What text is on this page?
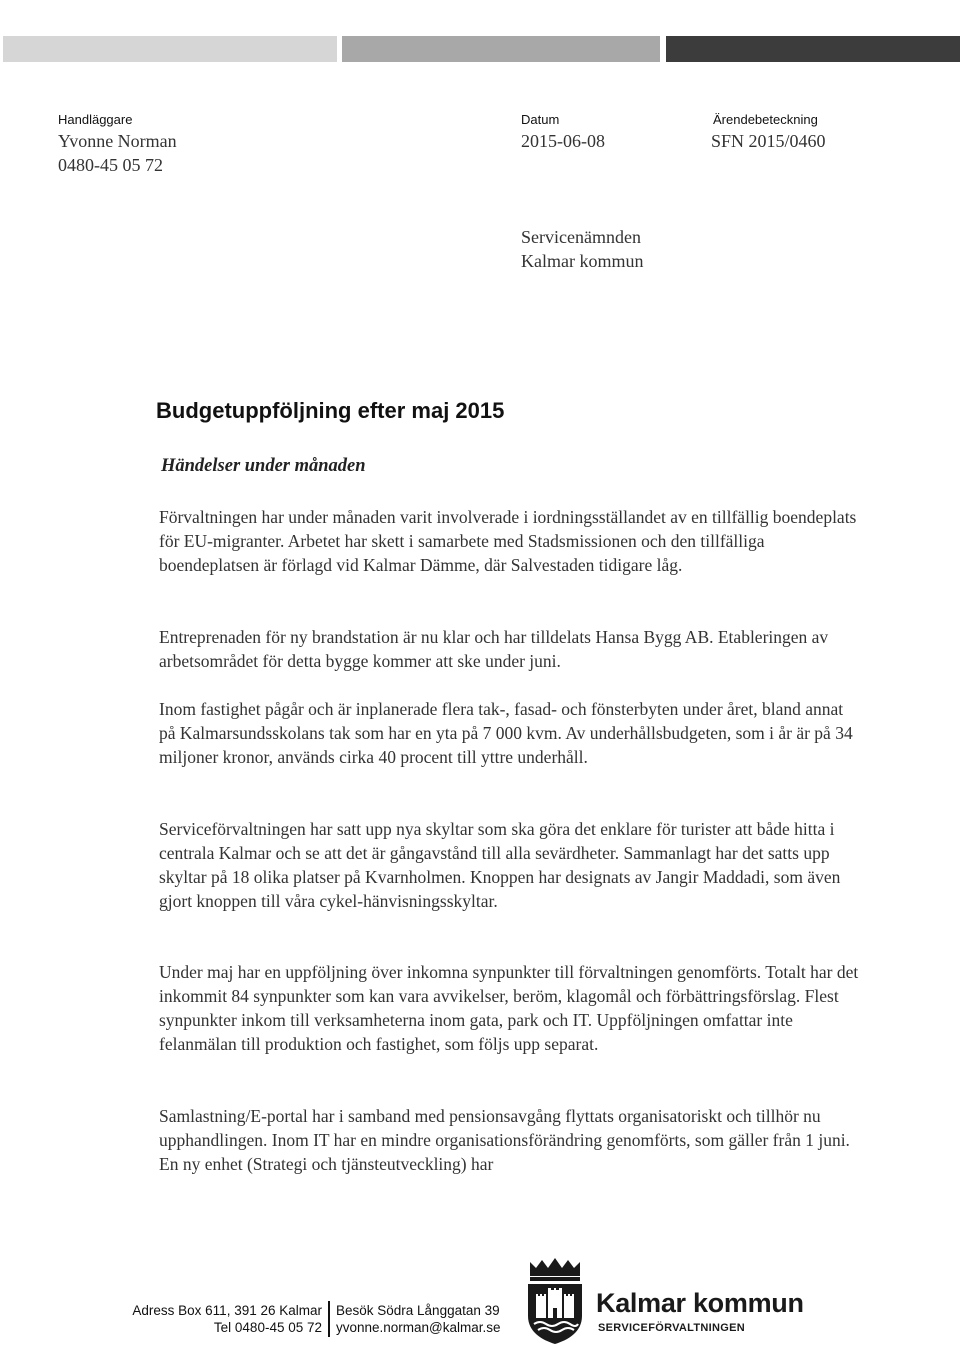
Handläggare
Yvonne Norman
0480-45 05 72
Datum
2015-06-08
Ärendebeteckning
SFN 2015/0460
Servicenämnden
Kalmar kommun
Budgetuppföljning efter maj 2015
Händelser under månaden

Förvaltningen har under månaden varit involverade i iordningsställandet av en tillfällig boendeplats för EU-migranter. Arbetet har skett i samarbete med Stadsmissionen och den tillfälliga boendeplatsen är förlagd vid Kalmar Dämme, där Salvestaden tidigare låg.

Entreprenaden för ny brandstation är nu klar och har tilldelats Hansa Bygg AB. Etableringen av arbetsområdet för detta bygge kommer att ske under juni.

Inom fastighet pågår och är inplanerade flera tak-, fasad- och fönsterbyten under året, bland annat på Kalmarsundsskolans tak som har en yta på 7 000 kvm. Av underhållsbudgeten, som i år är på 34 miljoner kronor, används cirka 40 procent till yttre underhåll.

Serviceförvaltningen har satt upp nya skyltar som ska göra det enklare för turister att både hitta i centrala Kalmar och se att det är gångavstånd till alla sevärdheter. Sammanlagt har det satts upp skyltar på 18 olika platser på Kvarnholmen. Knoppen har designats av Jangir Maddadi, som även gjort knoppen till våra cykel-hänvisningsskyltar.

Under maj har en uppföljning över inkomna synpunkter till förvaltningen genomförts. Totalt har det inkommit 84 synpunkter som kan vara avvikelser, beröm, klagomål och förbättringsförslag. Flest synpunkter inkom till verksamheterna inom gata, park och IT. Uppföljningen omfattar inte felanmälan till produktion och fastighet, som följs upp separat.

Samlastning/E-portal har i samband med pensionsavgång flyttats organisatoriskt och tillhör nu upphandlingen. Inom IT har en mindre organisationsförändring genomförts, som gäller från 1 juni. En ny enhet (Strategi och tjänsteutveckling) har

Adress Box 611, 391 26 Kalmar
Tel 0480-45 05 72
Besök Södra Långgatan 39
yvonne.norman@kalmar.se
Kalmar kommun
SERVICEFÖRVALTNINGEN
